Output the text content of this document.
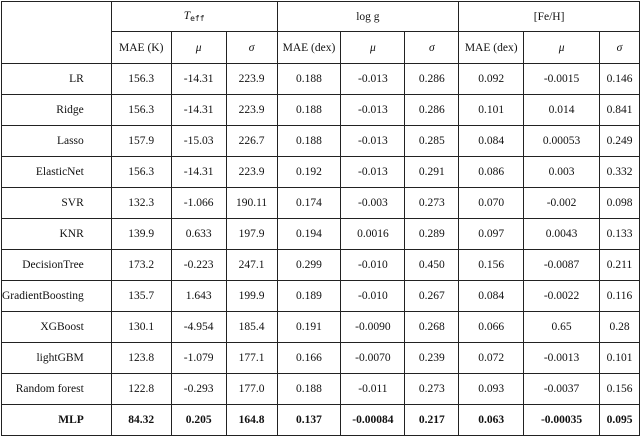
	$T_{eff}$			log g			[Fe/H]		
	MAE (K)	μ	σ	MAE (dex)	μ	σ	MAE (dex)	μ	σ
LR	156.3	-14.31	223.9	0.188	-0.013	0.286	0.092	-0.0015	0.146
Ridge	156.3	-14.31	223.9	0.188	-0.013	0.286	0.101	0.014	0.841
Lasso	157.9	-15.03	226.7	0.188	-0.013	0.285	0.084	0.00053	0.249
ElasticNet	156.3	-14.31	223.9	0.192	-0.013	0.291	0.086	0.003	0.332
SVR	132.3	-1.066	190.11	0.174	-0.003	0.273	0.070	-0.002	0.098
KNR	139.9	0.633	197.9	0.194	0.0016	0.289	0.097	0.0043	0.133
DecisionTree	173.2	-0.223	247.1	0.299	-0.010	0.450	0.156	-0.0087	0.211
GradientBoosting	135.7	1.643	199.9	0.189	-0.010	0.267	0.084	-0.0022	0.116
XGBoost	130.1	-4.954	185.4	0.191	-0.0090	0.268	0.066	0.65	0.28
lightGBM	123.8	-1.079	177.1	0.166	-0.0070	0.239	0.072	-0.0013	0.101
Random forest	122.8	-0.293	177.0	0.188	-0.011	0.273	0.093	-0.0037	0.156
MLP	84.32	0.205	164.8	0.137	-0.00084	0.217	0.063	-0.00035	0.095
